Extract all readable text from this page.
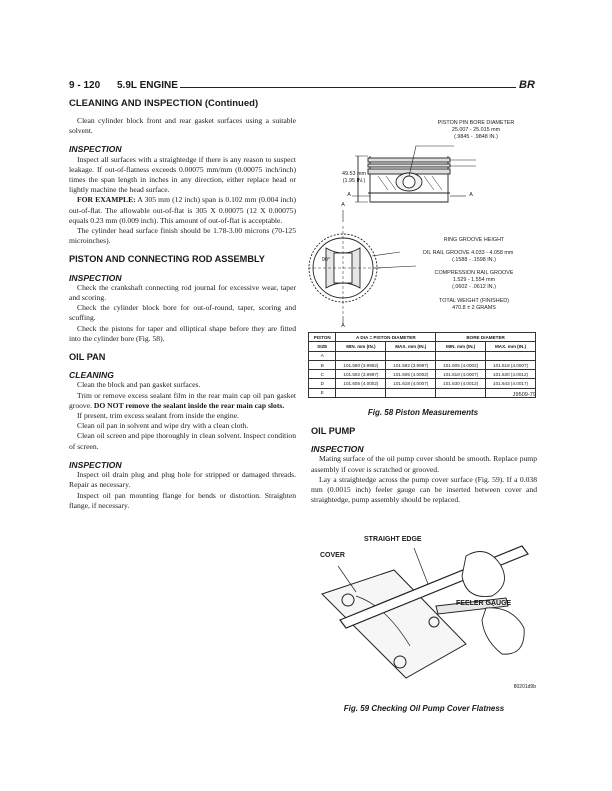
9 - 120 5.9L ENGINE	BR
CLEANING AND INSPECTION (Continued)

Clean cylinder block front and rear gasket surfaces using a suitable solvent.

INSPECTION

Inspect all surfaces with a straightedge if there is any reason to suspect leakage. If out-of-flatness exceeds 0.00075 mm/mm (0.00075 inch/inch) times the span length in inches in any direction, either replace head or lightly machine the head surface.

FOR EXAMPLE: A 305 mm (12 inch) span is 0.102 mm (0.004 inch) out-of-flat. The allowable out-of-flat is 305 X 0.00075 (12 X 0.00075) equals 0.23 mm (0.009 inch). This amount of out-of-flat is acceptable.

The cylinder head surface finish should be 1.78-3.00 microns (70-125 microinches).

PISTON AND CONNECTING ROD ASSEMBLY
INSPECTION

Check the crankshaft connecting rod journal for excessive wear, taper and scoring.

Check the cylinder block bore for out-of-round, taper, scoring and scuffing.

Check the pistons for taper and elliptical shape before they are fitted into the cylinder bore (Fig. 58).

OIL PAN
CLEANING

Clean the block and pan gasket surfaces.

Trim or remove excess sealant film in the rear main cap oil pan gasket groove. DO NOT remove the sealant inside the rear main cap slots.

If present, trim excess sealant from inside the engine.

Clean oil pan in solvent and wipe dry with a clean cloth.

Clean oil screen and pipe thoroughly in clean solvent. Inspect condition of screen.

INSPECTION

Inspect oil drain plug and plug hole for stripped or damaged threads. Repair as necessary.

Inspect oil pan mounting flange for bends or distortion. Straighten flange, if necessary.

PISTON PIN BORE DIAMETER
25.007 - 25.015 mm
(.9845 - .9848 IN.)
49.53 mm
(1.95 IN.)
A
A	A
90°
RING GROOVE HEIGHT
OIL RAIL GROOVE 4.033 - 4.058 mm
(.1588 - .1598 IN.)
COMPRESSION RAIL GROOVE
1.529 - 1.554 mm
(.0602 - .0612 IN.)
TOTAL WEIGHT (FINISHED)
470.8 ± 2 GRAMS
A
PISTON	A DIA = PISTON DIAMETER		BORE DIAMETER	
SIZE	MIN. mm (IN.)	MAX. mm (IN.)	MIN. mm (IN.)	MAX. mm (IN.)
A				
B	101.580 (3.9992)	101.592 (3.9997)	101.605 (4.0002)	101.618 (4.0007)
C	101.592 (3.9997)	101.605 (4.0002)	101.618 (4.0007)	101.630 (4.0012)
D	101.605 (4.0002)	101.618 (4.0007)	101.630 (4.0012)	101.643 (4.0017)
E					J9509-79
Fig. 58 Piston Measurements
OIL PUMP
INSPECTION

Mating surface of the oil pump cover should be smooth. Replace pump assembly if cover is scratched or grooved.

Lay a straightedge across the pump cover surface (Fig. 59). If a 0.038 mm (0.0015 inch) feeler gauge can be inserted between cover and straightedge, pump assembly should be replaced.

STRAIGHT EDGE
COVER
FEELER GAUGE
80201d9b
Fig. 59 Checking Oil Pump Cover Flatness
